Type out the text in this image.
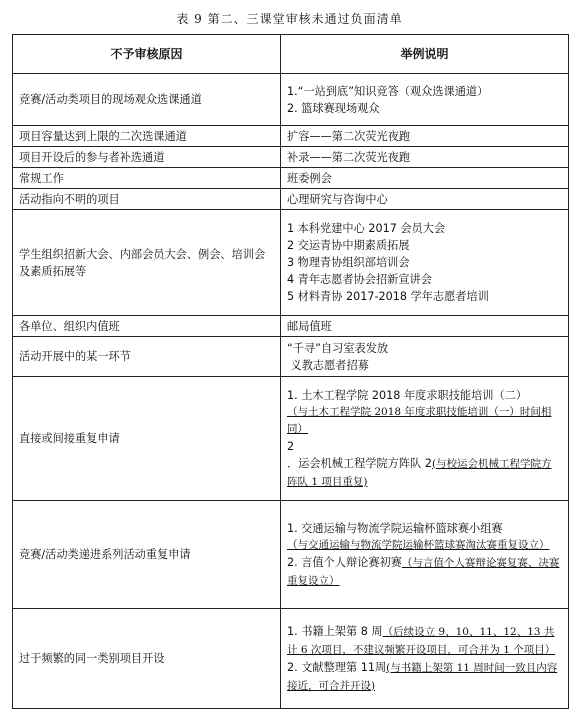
表 9 第二、三课堂审核未通过负面清单
不予审核原因	举例说明
竞赛/活动类项目的现场观众选课通道	1.“一站到底”知识竞答（观众选课通道）
2. 篮球赛现场观众

项目容量达到上限的二次选课通道	扩容——第二次荧光夜跑

项目开设后的参与者补选通道	补录——第二次荧光夜跑

常规工作	班委例会

活动指向不明的项目	心理研究与咨询中心

学生组织招新大会、内部会员大会、例会、培训会及素质拓展等	1 本科党建中心 2017 会员大会
2 交运青协中期素质拓展
3 物理青协组织部培训会
4 青年志愿者协会招新宣讲会
5 材料青协 2017-2018 学年志愿者培训

各单位、组织内值班	邮局值班

活动开展中的某一环节	“千寻”自习室表发放
义教志愿者招募

直接或间接重复申请	1. 土木工程学院 2018 年度求职技能培训（二）
（与土木工程学院 2018 年度求职技能培训（一）时间相同）
2
．运会机械工程学院方阵队 2(与校运会机械工程学院方阵队 1 项目重复)

竞赛/活动类递进系列活动重复申请	1. 交通运输与物流学院运输杯篮球赛小组赛
（与交通运输与物流学院运输杯篮球赛淘汰赛重复设立）
2. 言值个人辩论赛初赛（与言值个人赛辩论赛复赛、决赛重复设立）

过于频繁的同一类别项目开设	1. 书籍上架第 8 周（后续设立 9、10、11、12、13 共计 6 次项目，不建议频繁开设项目，可合并为 1 个项目）
2. 文献整理第 11周(与书籍上架第 11 周时间一致且内容接近，可合并开设)
